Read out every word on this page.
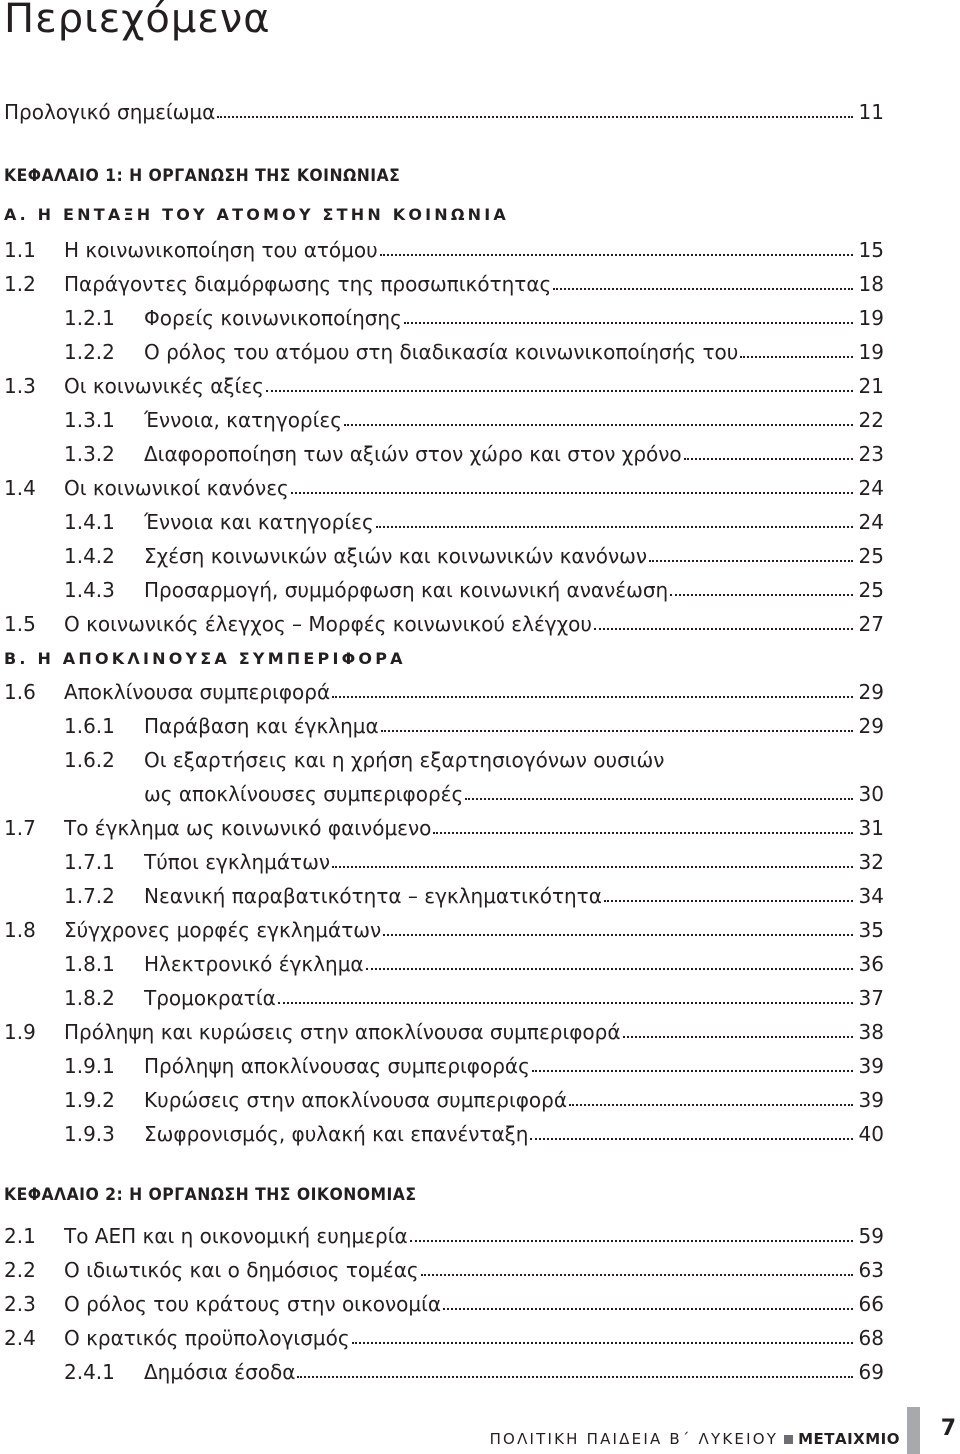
Περιεχόμενα
ΚΕΦΑΛΑΙΟ 1: Η ΟΡΓΑΝΩΣΗ ΤΗΣ ΚΟΙΝΩΝΙΑΣ
Α. Η ΕΝΤΑΞΗ ΤΟΥ ΑΤΟΜΟΥ ΣΤΗΝ ΚΟΙΝΩΝΙΑ
Β. Η ΑΠΟΚΛΙΝΟΥΣΑ ΣΥΜΠΕΡΙΦΟΡΑ
ΚΕΦΑΛΑΙΟ 2: Η ΟΡΓΑΝΩΣΗ ΤΗΣ ΟΙΚΟΝΟΜΙΑΣ
Προλογικό σημείωμα	11
1.1	Η κοινωνικοποίηση του ατόμου	15
1.2	Παράγοντες διαμόρφωσης της προσωπικότητας	18
1.2.1	Φορείς κοινωνικοποίησης	19
1.2.2	Ο ρόλος του ατόμου στη διαδικασία κοινωνικοποίησής του	19
1.3	Οι κοινωνικές αξίες	21
1.3.1	Έννοια, κατηγορίες	22
1.3.2	Διαφοροποίηση των αξιών στον χώρο και στον χρόνο	23
1.4	Οι κοινωνικοί κανόνες	24
1.4.1	Έννοια και κατηγορίες	24
1.4.2	Σχέση κοινωνικών αξιών και κοινωνικών κανόνων	25
1.4.3	Προσαρμογή, συμμόρφωση και κοινωνική ανανέωση	25
1.5	Ο κοινωνικός έλεγχος – Μορφές κοινωνικού ελέγχου	27
1.6	Αποκλίνουσα συμπεριφορά	29
1.6.1	Παράβαση και έγκλημα	29
1.6.2	Οι εξαρτήσεις και η χρήση εξαρτησιογόνων ουσιών
ως αποκλίνουσες συμπεριφορές	30
1.7	Το έγκλημα ως κοινωνικό φαινόμενο	31
1.7.1	Τύποι εγκλημάτων	32
1.7.2	Νεανική παραβατικότητα – εγκληματικότητα	34
1.8	Σύγχρονες μορφές εγκλημάτων	35
1.8.1	Ηλεκτρονικό έγκλημα	36
1.8.2	Τρομοκρατία	37
1.9	Πρόληψη και κυρώσεις στην αποκλίνουσα συμπεριφορά	38
1.9.1	Πρόληψη αποκλίνουσας συμπεριφοράς	39
1.9.2	Κυρώσεις στην αποκλίνουσα συμπεριφορά	39
1.9.3	Σωφρονισμός, φυλακή και επανένταξη	40
2.1	Το ΑΕΠ και η οικονομική ευημερία	59
2.2	Ο ιδιωτικός και ο δημόσιος τομέας	63
2.3	Ο ρόλος του κράτους στην οικονομία	66
2.4	Ο κρατικός προϋπολογισμός	68
2.4.1	Δημόσια έσοδα	69
ΠΟΛΙΤΙΚΗ ΠΑΙΔΕΙΑ Β΄ ΛΥΚΕΙΟΥ ΜΕΤΑΙΧΜΙΟ 7
